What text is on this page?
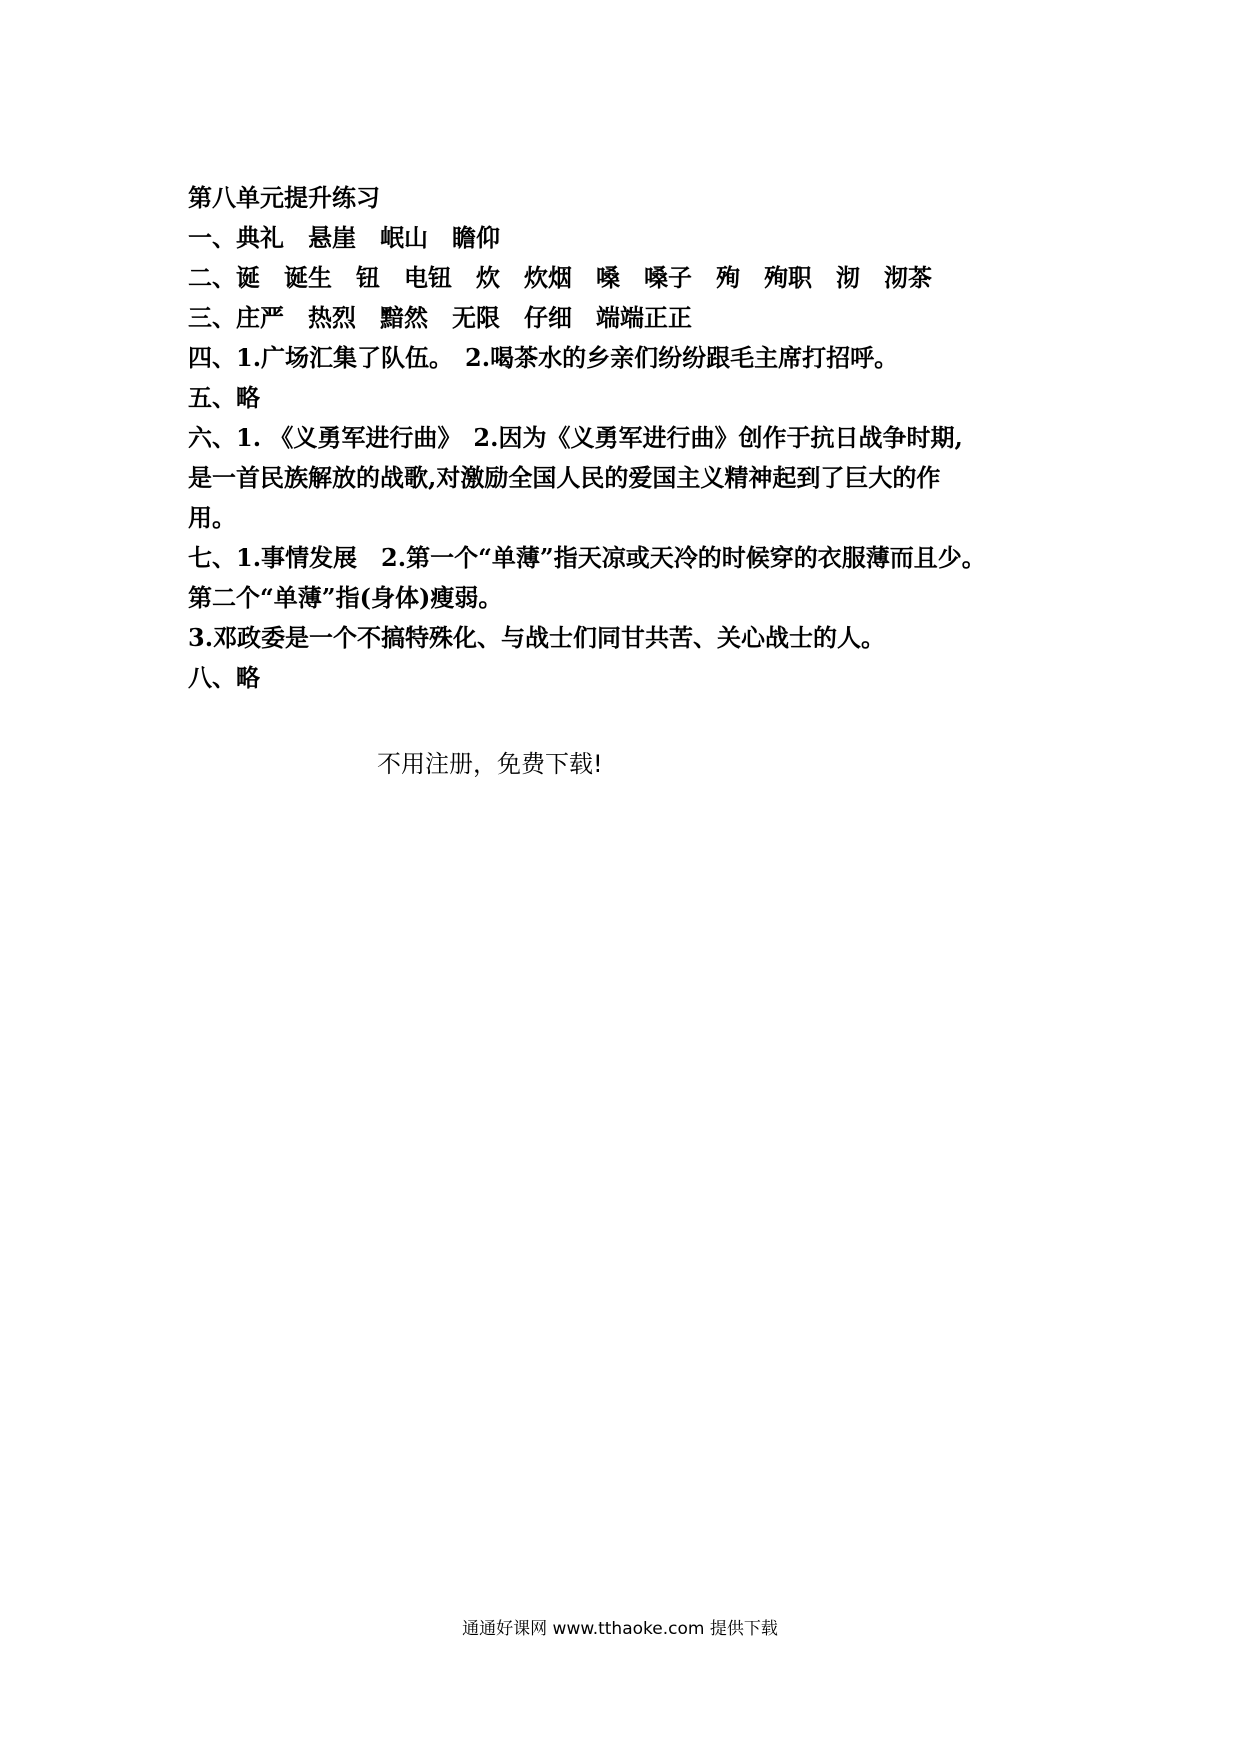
第八单元提升练习

一、典礼　悬崖　岷山　瞻仰

二、诞　诞生　钮　电钮　炊　炊烟　嗓　嗓子　殉　殉职　沏　沏茶

三、庄严　热烈　黯然　无限　仔细　端端正正

四、1.广场汇集了队伍。　2.喝茶水的乡亲们纷纷跟毛主席打招呼。

五、略

六、1. 《义勇军进行曲》　2.因为《义勇军进行曲》创作于抗日战争时期,

是一首民族解放的战歌,对激励全国人民的爱国主义精神起到了巨大的作

用。

七、1.事情发展　2.第一个“单薄”指天凉或天冷的时候穿的衣服薄而且少。

第二个“单薄”指(身体)瘦弱。

3.邓政委是一个不搞特殊化、与战士们同甘共苦、关心战士的人。

八、略

不用注册，免费下载!
通通好课网 www.tthaoke.com 提供下载
